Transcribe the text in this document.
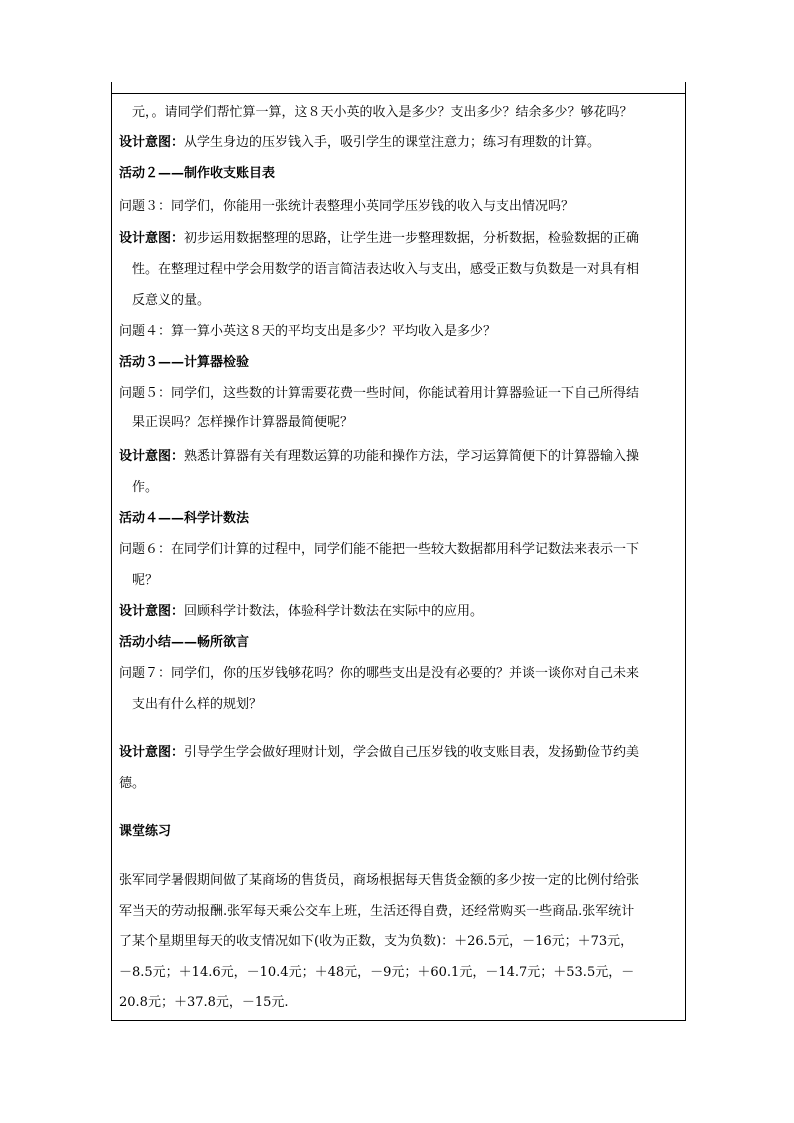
元，。请同学们帮忙算一算，这８天小英的收入是多少？支出多少？结余多少？够花吗？
设计意图：从学生身边的压岁钱入手，吸引学生的课堂注意力；练习有理数的计算。
活动２——制作收支账目表
问题３：同学们，你能用一张统计表整理小英同学压岁钱的收入与支出情况吗？
设计意图：初步运用数据整理的思路，让学生进一步整理数据，分析数据，检验数据的正确
性。在整理过程中学会用数学的语言简洁表达收入与支出，感受正数与负数是一对具有相
反意义的量。
问题４：算一算小英这８天的平均支出是多少？平均收入是多少？
活动３——计算器检验
问题５：同学们，这些数的计算需要花费一些时间，你能试着用计算器验证一下自己所得结
果正误吗？怎样操作计算器最简便呢？
设计意图：熟悉计算器有关有理数运算的功能和操作方法，学习运算简便下的计算器输入操
作。
活动４——科学计数法
问题６：在同学们计算的过程中，同学们能不能把一些较大数据都用科学记数法来表示一下
呢？
设计意图：回顾科学计数法，体验科学计数法在实际中的应用。
活动小结——畅所欲言
问题７：同学们，你的压岁钱够花吗？你的哪些支出是没有必要的？并谈一谈你对自己未来
支出有什么样的规划？
设计意图：引导学生学会做好理财计划，学会做自己压岁钱的收支账目表，发扬勤俭节约美
德。
课堂练习
张军同学暑假期间做了某商场的售货员，商场根据每天售货金额的多少按一定的比例付给张
军当天的劳动报酬.张军每天乘公交车上班，生活还得自费，还经常购买一些商品.张军统计
了某个星期里每天的收支情况如下(收为正数，支为负数)：＋26.5元，－16元；＋73元，
－8.5元；＋14.6元，－10.4元；＋48元，－9元；＋60.1元，－14.7元；＋53.5元，－
20.8元；＋37.8元，－15元.
